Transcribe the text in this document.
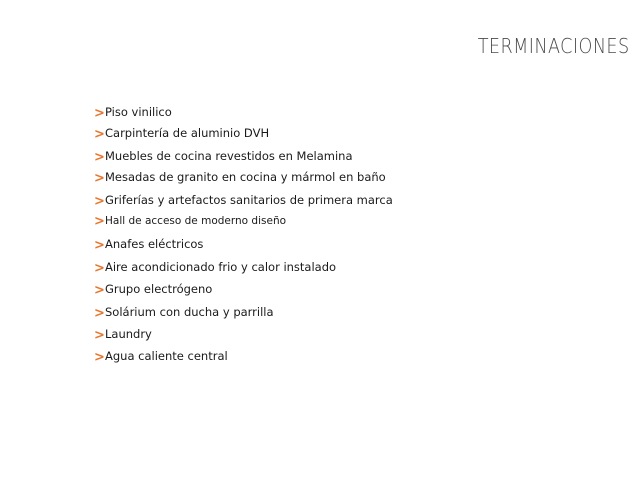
TERMINACIONES
> Piso vinilico
> Carpintería de aluminio DVH
> Muebles de cocina revestidos en Melamina
> Mesadas de granito en cocina y mármol en baño
> Griferías y artefactos sanitarios de primera marca
> Hall de acceso de moderno diseño
> Anafes eléctricos
> Aire acondicionado frio y calor instalado
> Grupo electrógeno
> Solárium con ducha y parrilla
> Laundry
> Agua caliente central
